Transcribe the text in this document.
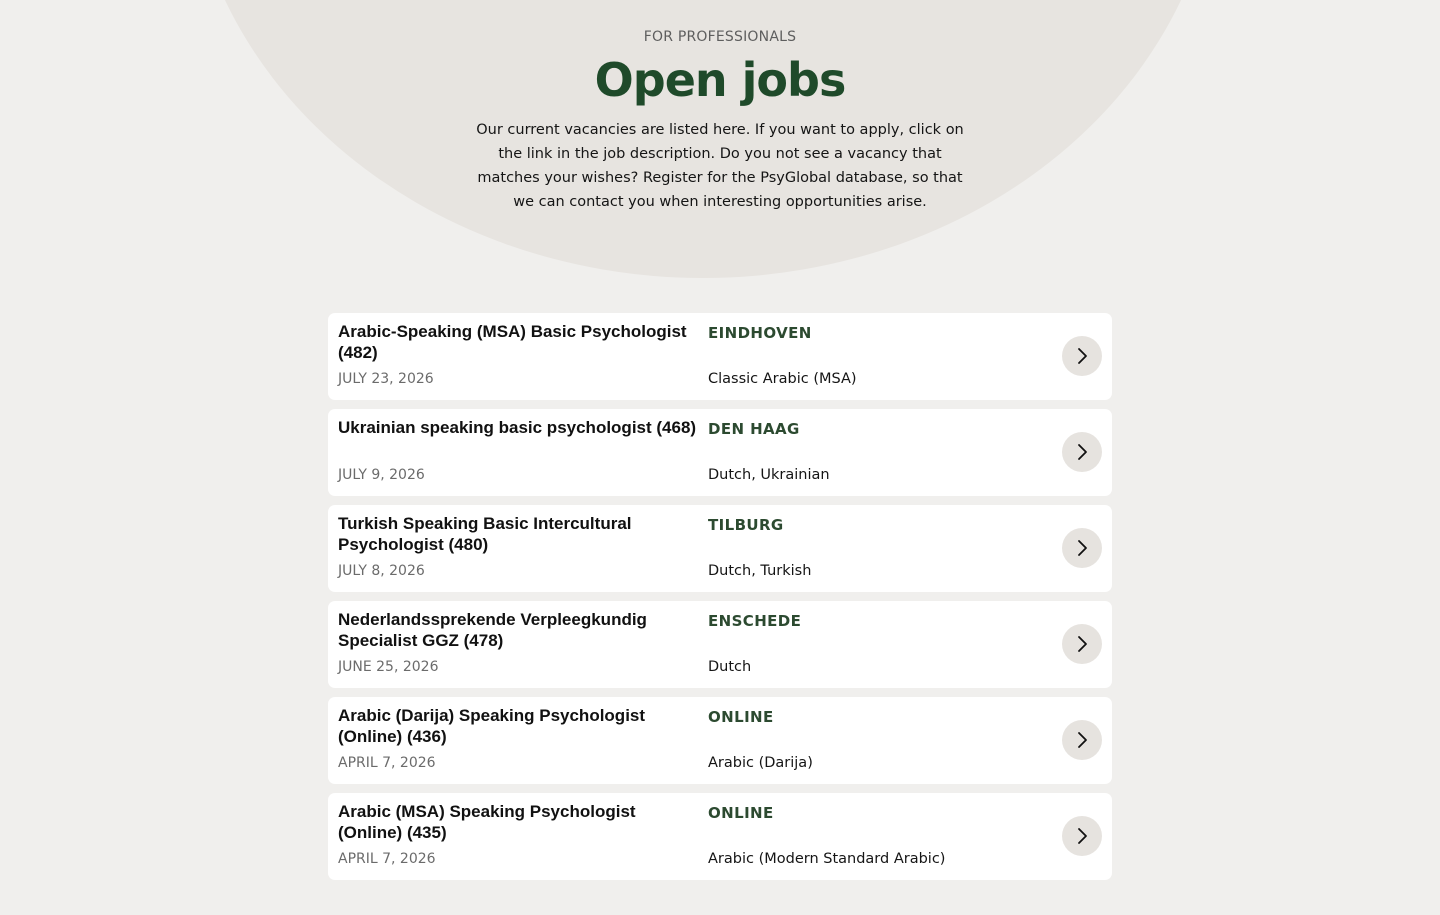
FOR PROFESSIONALS
Open jobs

Our current vacancies are listed here. If you want to apply, click on the link in the job description. Do you not see a vacancy that matches your wishes? Register for the PsyGlobal database, so that we can contact you when interesting opportunities arise.

Arabic-Speaking (MSA) Basic Psychologist (482)
JULY 23, 2026
EINDHOVEN
Classic Arabic (MSA)
Ukrainian speaking basic psychologist (468)
JULY 9, 2026
DEN HAAG
Dutch, Ukrainian
Turkish Speaking Basic Intercultural Psychologist (480)
JULY 8, 2026
TILBURG
Dutch, Turkish
Nederlandssprekende Verpleegkundig Specialist GGZ (478)
JUNE 25, 2026
ENSCHEDE
Dutch
Arabic (Darija) Speaking Psychologist (Online) (436)
APRIL 7, 2026
ONLINE
Arabic (Darija)
Arabic (MSA) Speaking Psychologist (Online) (435)
APRIL 7, 2026
ONLINE
Arabic (Modern Standard Arabic)
